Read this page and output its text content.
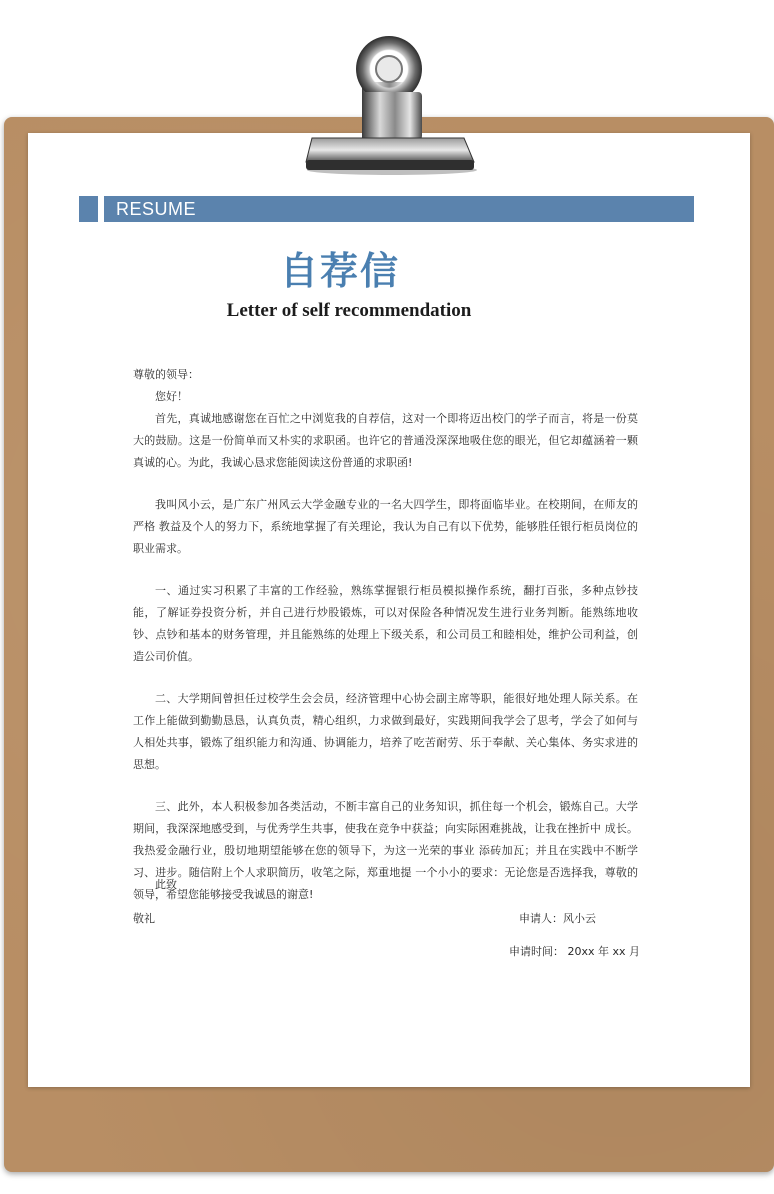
RESUME
自荐信
Letter of self recommendation

尊敬的领导：

您好！

首先，真诚地感谢您在百忙之中浏览我的自荐信，这对一个即将迈出校门的学子而言，将是一份莫大的鼓励。这是一份简单而又朴实的求职函。也许它的普通没深深地吸住您的眼光，但它却蕴涵着一颗真诚的心。为此，我诚心恳求您能阅读这份普通的求职函!

我叫风小云，是广东广州风云大学金融专业的一名大四学生，即将面临毕业。在校期间，在师友的严格 教益及个人的努力下，系统地掌握了有关理论，我认为自己有以下优势，能够胜任银行柜员岗位的职业需求。

一、通过实习积累了丰富的工作经验，熟练掌握银行柜员模拟操作系统，翻打百张，多种点钞技能，了解证券投资分析，并自己进行炒股锻炼，可以对保险各种情况发生进行业务判断。能熟练地收钞、点钞和基本的财务管理，并且能熟练的处理上下级关系，和公司员工和睦相处，维护公司利益，创造公司价值。

二、大学期间曾担任过校学生会会员，经济管理中心协会副主席等职，能很好地处理人际关系。在工作上能做到勤勤恳恳，认真负责，精心组织，力求做到最好，实践期间我学会了思考，学会了如何与人相处共事，锻炼了组织能力和沟通、协调能力，培养了吃苦耐劳、乐于奉献、关心集体、务实求进的思想。

三、此外，本人积极参加各类活动，不断丰富自己的业务知识，抓住每一个机会，锻炼自己。大学期间，我深深地感受到，与优秀学生共事，使我在竞争中获益；向实际困难挑战，让我在挫折中 成长。我热爱金融行业，殷切地期望能够在您的领导下，为这一光荣的事业 添砖加瓦；并且在实践中不断学习、进步。随信附上个人求职简历，收笔之际，郑重地提 一个小小的要求：无论您是否选择我，尊敬的领导，希望您能够接受我诚恳的谢意!

此致
敬礼	申请人：风小云
申请时间： 20xx 年 xx 月
